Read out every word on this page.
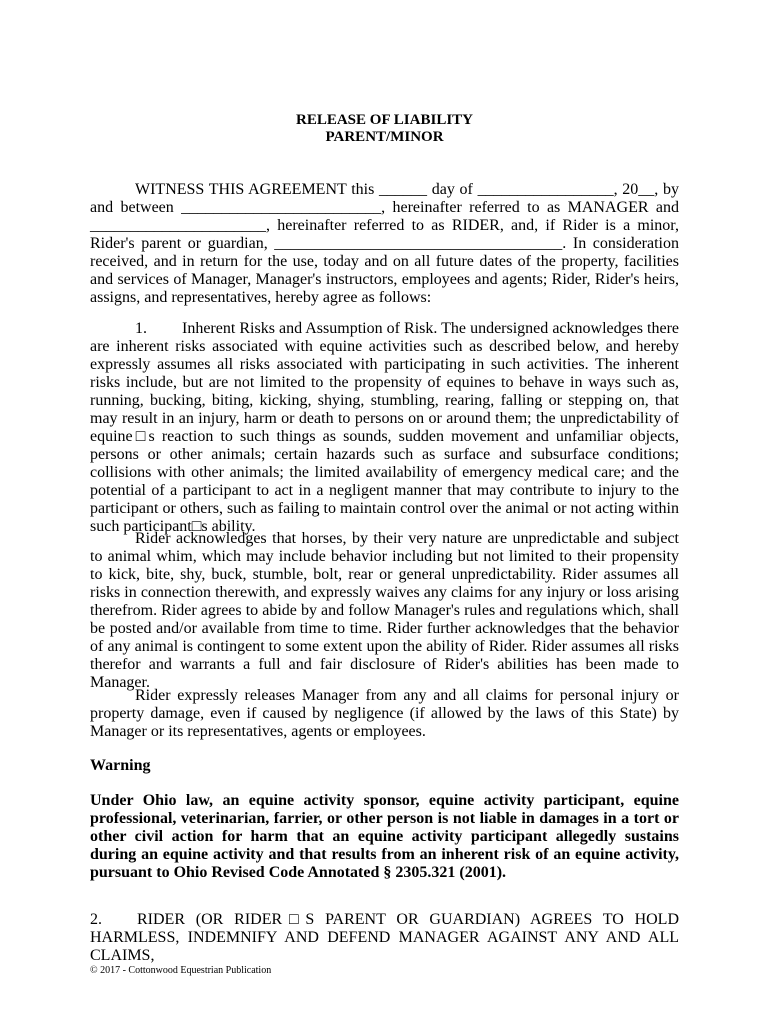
RELEASE OF LIABILITY
PARENT/MINOR
WITNESS THIS AGREEMENT this ______ day of _________________, 20__, by and between _________________________, hereinafter referred to as MANAGER and ______________________, hereinafter referred to as RIDER, and, if Rider is a minor, Rider's parent or guardian, ____________________________________. In consideration received, and in return for the use, today and on all future dates of the property, facilities and services of Manager, Manager's instructors, employees and agents; Rider, Rider's heirs, assigns, and representatives, hereby agree as follows:
1. Inherent Risks and Assumption of Risk. The undersigned acknowledges there are inherent risks associated with equine activities such as described below, and hereby expressly assumes all risks associated with participating in such activities. The inherent risks include, but are not limited to the propensity of equines to behave in ways such as, running, bucking, biting, kicking, shying, stumbling, rearing, falling or stepping on, that may result in an injury, harm or death to persons on or around them; the unpredictability of equine□s reaction to such things as sounds, sudden movement and unfamiliar objects, persons or other animals; certain hazards such as surface and subsurface conditions; collisions with other animals; the limited availability of emergency medical care; and the potential of a participant to act in a negligent manner that may contribute to injury to the participant or others, such as failing to maintain control over the animal or not acting within such participant□s ability.
Rider acknowledges that horses, by their very nature are unpredictable and subject to animal whim, which may include behavior including but not limited to their propensity to kick, bite, shy, buck, stumble, bolt, rear or general unpredictability. Rider assumes all risks in connection therewith, and expressly waives any claims for any injury or loss arising therefrom. Rider agrees to abide by and follow Manager's rules and regulations which, shall be posted and/or available from time to time. Rider further acknowledges that the behavior of any animal is contingent to some extent upon the ability of Rider. Rider assumes all risks therefor and warrants a full and fair disclosure of Rider's abilities has been made to Manager.
Rider expressly releases Manager from any and all claims for personal injury or property damage, even if caused by negligence (if allowed by the laws of this State) by Manager or its representatives, agents or employees.
Warning
Under Ohio law, an equine activity sponsor, equine activity participant, equine professional, veterinarian, farrier, or other person is not liable in damages in a tort or other civil action for harm that an equine activity participant allegedly sustains during an equine activity and that results from an inherent risk of an equine activity, pursuant to Ohio Revised Code Annotated § 2305.321 (2001).
2. RIDER (OR RIDER□S PARENT OR GUARDIAN) AGREES TO HOLD HARMLESS, INDEMNIFY AND DEFEND MANAGER AGAINST ANY AND ALL CLAIMS,
© 2017 - Cottonwood Equestrian Publication
